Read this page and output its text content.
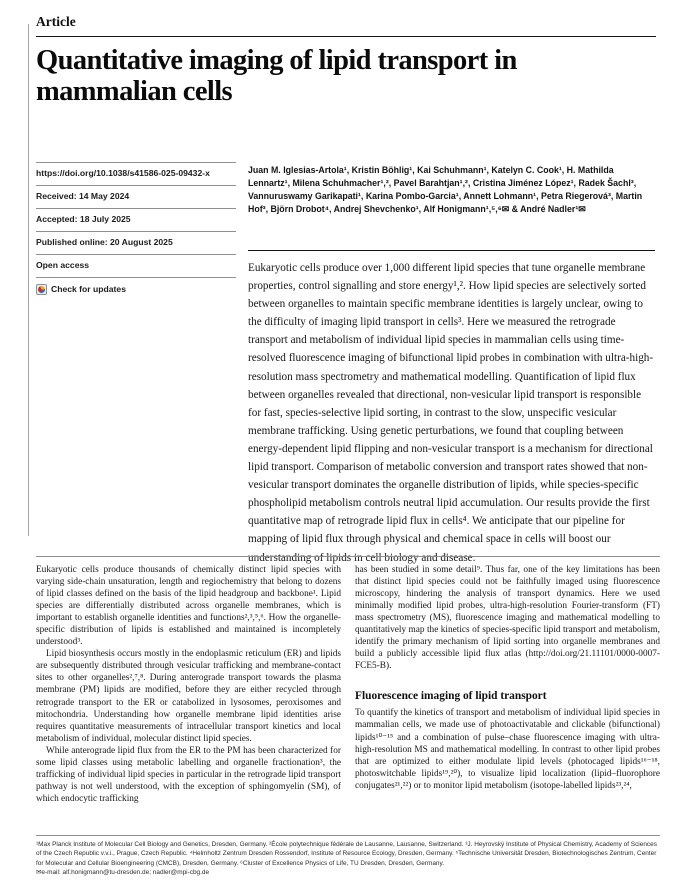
Article
Quantitative imaging of lipid transport in mammalian cells
https://doi.org/10.1038/s41586-025-09432-x
Received: 14 May 2024
Accepted: 18 July 2025
Published online: 20 August 2025
Open access
Check for updates
Juan M. Iglesias-Artola¹, Kristin Böhlig¹, Kai Schuhmann¹, Katelyn C. Cook¹, H. Mathilda Lennartz¹, Milena Schuhmacher¹,², Pavel Barahtjan¹,², Cristina Jiménez López¹, Radek Šachl³, Vannuruswamy Garikapati¹, Karina Pombo-Garcia¹, Annett Lohmann¹, Petra Riegerová³, Martin Hof³, Björn Drobot⁴, Andrej Shevchenko¹, Alf Honigmann¹,⁵,⁶✉ & André Nadler¹✉
Eukaryotic cells produce over 1,000 different lipid species that tune organelle membrane properties, control signalling and store energy¹,². How lipid species are selectively sorted between organelles to maintain specific membrane identities is largely unclear, owing to the difficulty of imaging lipid transport in cells³. Here we measured the retrograde transport and metabolism of individual lipid species in mammalian cells using time-resolved fluorescence imaging of bifunctional lipid probes in combination with ultra-high-resolution mass spectrometry and mathematical modelling. Quantification of lipid flux between organelles revealed that directional, non-vesicular lipid transport is responsible for fast, species-selective lipid sorting, in contrast to the slow, unspecific vesicular membrane trafficking. Using genetic perturbations, we found that coupling between energy-dependent lipid flipping and non-vesicular transport is a mechanism for directional lipid transport. Comparison of metabolic conversion and transport rates showed that non-vesicular transport dominates the organelle distribution of lipids, while species-specific phospholipid metabolism controls neutral lipid accumulation. Our results provide the first quantitative map of retrograde lipid flux in cells⁴. We anticipate that our pipeline for mapping of lipid flux through physical and chemical space in cells will boost our understanding of lipids in cell biology and disease.

Eukaryotic cells produce thousands of chemically distinct lipid species with varying side-chain unsaturation, length and regiochemistry that belong to dozens of lipid classes defined on the basis of the lipid headgroup and backbone¹. Lipid species are differentially distributed across organelle membranes, which is important to establish organelle identities and functions²,³,⁵,⁶. How the organelle-specific distribution of lipids is established and maintained is incompletely understood³.

Lipid biosynthesis occurs mostly in the endoplasmic reticulum (ER) and lipids are subsequently distributed through vesicular trafficking and membrane-contact sites to other organelles²,⁷,⁸. During anterograde transport towards the plasma membrane (PM) lipids are modified, before they are either recycled through retrograde transport to the ER or catabolized in lysosomes, peroxisomes and mitochondria. Understanding how organelle membrane lipid identities arise requires quantitative measurements of intracellular transport kinetics and local metabolism of individual, molecular distinct lipid species.

While anterograde lipid flux from the ER to the PM has been characterized for some lipid classes using metabolic labelling and organelle fractionation³, the trafficking of individual lipid species in particular in the retrograde lipid transport pathway is not well understood, with the exception of sphingomyelin (SM), of which endocytic trafficking

has been studied in some detail⁹. Thus far, one of the key limitations has been that distinct lipid species could not be faithfully imaged using fluorescence microscopy, hindering the analysis of transport dynamics. Here we used minimally modified lipid probes, ultra-high-resolution Fourier-transform (FT) mass spectrometry (MS), fluorescence imaging and mathematical modelling to quantitatively map the kinetics of species-specific lipid transport and metabolism, identify the primary mechanism of lipid sorting into organelle membranes and build a publicly accessible lipid flux atlas (http://doi.org/21.11101/0000-0007-FCE5-B).

Fluorescence imaging of lipid transport

To quantify the kinetics of transport and metabolism of individual lipid species in mammalian cells, we made use of photoactivatable and clickable (bifunctional) lipids¹⁰⁻¹⁵ and a combination of pulse–chase fluorescence imaging with ultra-high-resolution MS and mathematical modelling. In contrast to other lipid probes that are optimized to either modulate lipid levels (photocaged lipids¹⁶⁻¹⁸, photoswitchable lipids¹⁹,²⁰), to visualize lipid localization (lipid–fluorophore conjugates²¹,²²) or to monitor lipid metabolism (isotope-labelled lipids²³,²⁴,

¹Max Planck Institute of Molecular Cell Biology and Genetics, Dresden, Germany. ²École polytechnique fédérale de Lausanne, Lausanne, Switzerland. ³J. Heyrovský Institute of Physical Chemistry, Academy of Sciences of the Czech Republic v.v.i., Prague, Czech Republic. ⁴Helmholtz Zentrum Dresden Rossendorf, Institute of Resource Ecology, Dresden, Germany. ⁵Technische Universität Dresden, Biotechnologisches Zentrum, Center for Molecular and Cellular Bioengineering (CMCB), Dresden, Germany. ⁶Cluster of Excellence Physics of Life, TU Dresden, Dresden, Germany.
✉e-mail: alf.honigmann@tu-dresden.de; nadler@mpi-cbg.de
